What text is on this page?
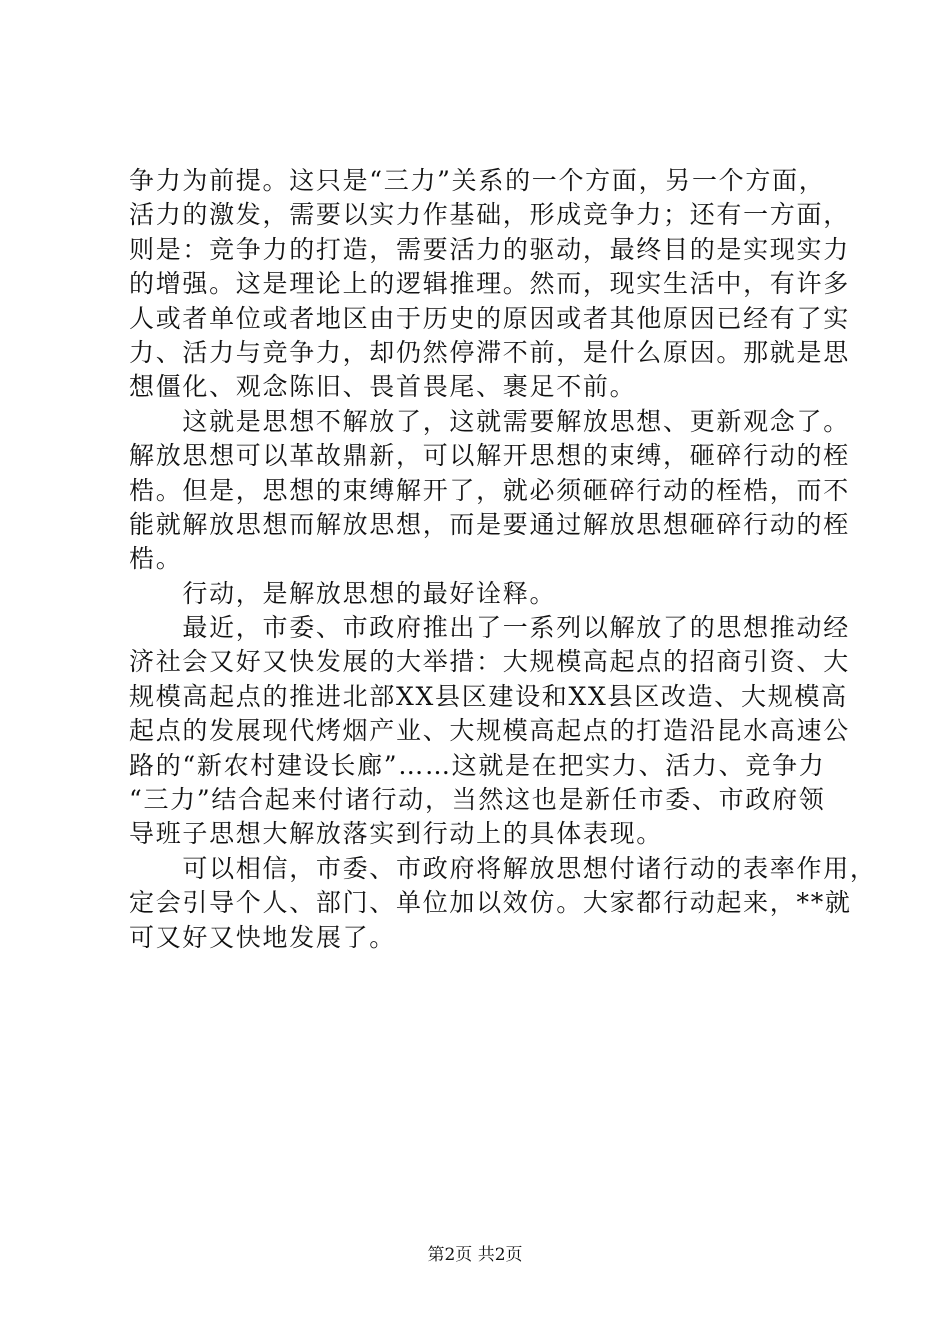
争力为前提。这只是“三力”关系的一个方面，另一个方面，
活力的激发，需要以实力作基础，形成竞争力；还有一方面，
则是：竞争力的打造，需要活力的驱动，最终目的是实现实力
的增强。这是理论上的逻辑推理。然而，现实生活中，有许多
人或者单位或者地区由于历史的原因或者其他原因已经有了实
力、活力与竞争力，却仍然停滞不前，是什么原因。那就是思
想僵化、观念陈旧、畏首畏尾、裹足不前。
　　这就是思想不解放了，这就需要解放思想、更新观念了。
解放思想可以革故鼎新，可以解开思想的束缚，砸碎行动的桎
梏。但是，思想的束缚解开了，就必须砸碎行动的桎梏，而不
能就解放思想而解放思想，而是要通过解放思想砸碎行动的桎
梏。
　　行动，是解放思想的最好诠释。
　　最近，市委、市政府推出了一系列以解放了的思想推动经
济社会又好又快发展的大举措：大规模高起点的招商引资、大
规模高起点的推进北部XX县区建设和XX县区改造、大规模高
起点的发展现代烤烟产业、大规模高起点的打造沿昆水高速公
路的“新农村建设长廊”……这就是在把实力、活力、竞争力
“三力”结合起来付诸行动，当然这也是新任市委、市政府领
导班子思想大解放落实到行动上的具体表现。
　　可以相信，市委、市政府将解放思想付诸行动的表率作用，
定会引导个人、部门、单位加以效仿。大家都行动起来，**就
可又好又快地发展了。
第2页 共2页
